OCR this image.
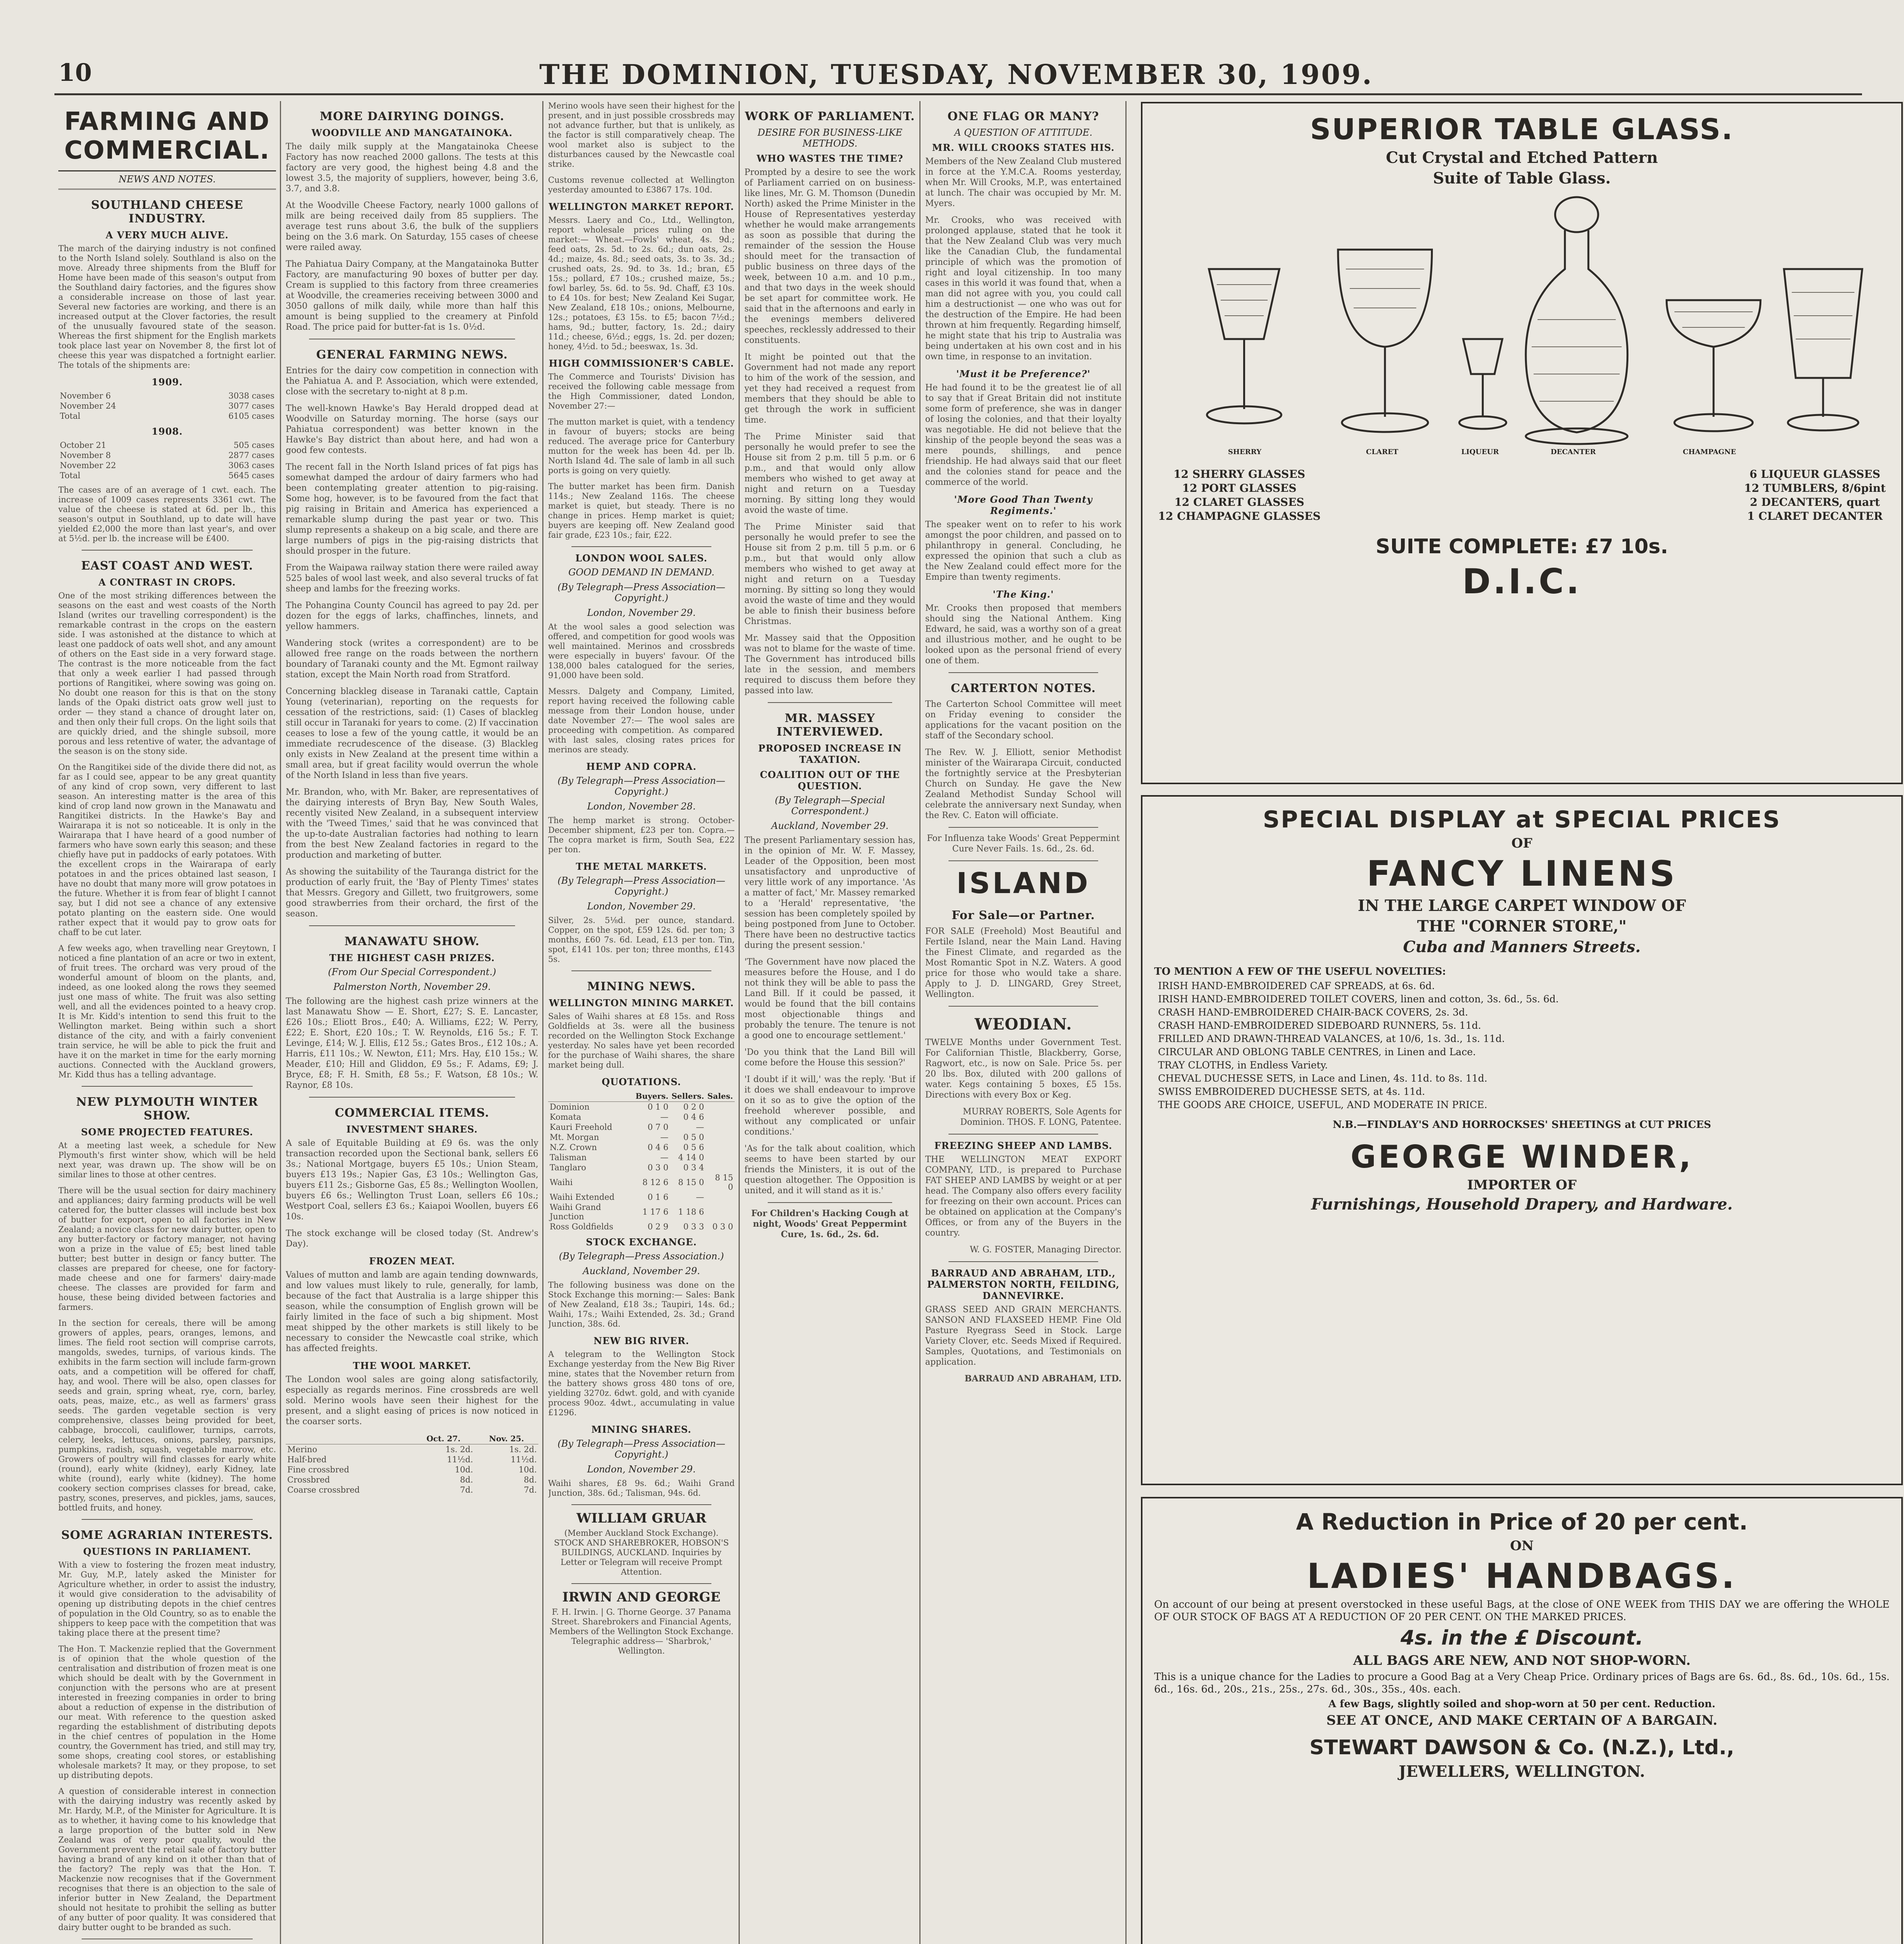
10	THE DOMINION, TUESDAY, NOVEMBER 30, 1909.
FARMING AND COMMERCIAL.
NEWS AND NOTES.
SOUTHLAND CHEESE INDUSTRY.
A VERY MUCH ALIVE.

The march of the dairying industry is not confined to the North Island solely. Southland is also on the move. Already three shipments from the Bluff for Home have been made of this season's output from the Southland dairy factories, and the figures show a considerable increase on those of last year. Several new factories are working, and there is an increased output at the Clover factories, the result of the unusually favoured state of the season. Whereas the first shipment for the English markets took place last year on November 8, the first lot of cheese this year was dispatched a fortnight earlier. The totals of the shipments are:

1909.
November 6	3038 cases
November 24	3077 cases
Total	6105 cases
1908.
October 21	505 cases
November 8	2877 cases
November 22	3063 cases
Total	5645 cases

The cases are of an average of 1 cwt. each. The increase of 1009 cases represents 3361 cwt. The value of the cheese is stated at 6d. per lb., this season's output in Southland, up to date will have yielded £2,000 the more than last year's, and over at 5½d. per lb. the increase will be £400.

EAST COAST AND WEST.
A CONTRAST IN CROPS.

One of the most striking differences between the seasons on the east and west coasts of the North Island (writes our travelling correspondent) is the remarkable contrast in the crops on the eastern side. I was astonished at the distance to which at least one paddock of oats well shot, and any amount of others on the East side in a very forward stage. The contrast is the more noticeable from the fact that only a week earlier I had passed through portions of Rangitikei, where sowing was going on. No doubt one reason for this is that on the stony lands of the Opaki district oats grow well just to order — they stand a chance of drought later on, and then only their full crops. On the light soils that are quickly dried, and the shingle subsoil, more porous and less retentive of water, the advantage of the season is on the stony side.

On the Rangitikei side of the divide there did not, as far as I could see, appear to be any great quantity of any kind of crop sown, very different to last season. An interesting matter is the area of this kind of crop land now grown in the Manawatu and Rangitikei districts. In the Hawke's Bay and Wairarapa it is not so noticeable. It is only in the Wairarapa that I have heard of a good number of farmers who have sown early this season; and these chiefly have put in paddocks of early potatoes. With the excellent crops in the Wairarapa of early potatoes in and the prices obtained last season, I have no doubt that many more will grow potatoes in the future. Whether it is from fear of blight I cannot say, but I did not see a chance of any extensive potato planting on the eastern side. One would rather expect that it would pay to grow oats for chaff to be cut later.

A few weeks ago, when travelling near Greytown, I noticed a fine plantation of an acre or two in extent, of fruit trees. The orchard was very proud of the wonderful amount of bloom on the plants, and, indeed, as one looked along the rows they seemed just one mass of white. The fruit was also setting well, and all the evidences pointed to a heavy crop. It is Mr. Kidd's intention to send this fruit to the Wellington market. Being within such a short distance of the city, and with a fairly convenient train service, he will be able to pick the fruit and have it on the market in time for the early morning auctions. Connected with the Auckland growers, Mr. Kidd thus has a telling advantage.

NEW PLYMOUTH WINTER SHOW.
SOME PROJECTED FEATURES.

At a meeting last week, a schedule for New Plymouth's first winter show, which will be held next year, was drawn up. The show will be on similar lines to those at other centres.

There will be the usual section for dairy machinery and appliances; dairy farming products will be well catered for, the butter classes will include best box of butter for export, open to all factories in New Zealand; a novice class for new dairy butter, open to any butter-factory or factory manager, not having won a prize in the value of £5; best lined table butter; best butter in design or fancy butter. The classes are prepared for cheese, one for factory-made cheese and one for farmers' dairy-made cheese. The classes are provided for farm and house, these being divided between factories and farmers.

In the section for cereals, there will be among growers of apples, pears, oranges, lemons, and limes. The field root section will comprise carrots, mangolds, swedes, turnips, of various kinds. The exhibits in the farm section will include farm-grown oats, and a competition will be offered for chaff, hay, and wool. There will be also, open classes for seeds and grain, spring wheat, rye, corn, barley, oats, peas, maize, etc., as well as farmers' grass seeds. The garden vegetable section is very comprehensive, classes being provided for beet, cabbage, broccoli, cauliflower, turnips, carrots, celery, leeks, lettuces, onions, parsley, parsnips, pumpkins, radish, squash, vegetable marrow, etc. Growers of poultry will find classes for early white (round), early white (kidney), early Kidney, late white (round), early white (kidney). The home cookery section comprises classes for bread, cake, pastry, scones, preserves, and pickles, jams, sauces, bottled fruits, and honey.

SOME AGRARIAN INTERESTS.
QUESTIONS IN PARLIAMENT.

With a view to fostering the frozen meat industry, Mr. Guy, M.P., lately asked the Minister for Agriculture whether, in order to assist the industry, it would give consideration to the advisability of opening up distributing depots in the chief centres of population in the Old Country, so as to enable the shippers to keep pace with the competition that was taking place there at the present time?

The Hon. T. Mackenzie replied that the Government is of opinion that the whole question of the centralisation and distribution of frozen meat is one which should be dealt with by the Government in conjunction with the persons who are at present interested in freezing companies in order to bring about a reduction of expense in the distribution of our meat. With reference to the question asked regarding the establishment of distributing depots in the chief centres of population in the Home country, the Government has tried, and still may try, some shops, creating cool stores, or establishing wholesale markets? It may, or they propose, to set up distributing depots.

A question of considerable interest in connection with the dairying industry was recently asked by Mr. Hardy, M.P., of the Minister for Agriculture. It is as to whether, it having come to his knowledge that a large proportion of the butter sold in New Zealand was of very poor quality, would the Government prevent the retail sale of factory butter having a brand of any kind on it other than that of the factory? The reply was that the Hon. T. Mackenzie now recognises that if the Government recognises that there is an objection to the sale of inferior butter in New Zealand, the Department should not hesitate to prohibit the selling as butter of any butter of poor quality. It was considered that dairy butter ought to be branded as such.

MORE DAIRYING DOINGS.
WOODVILLE AND MANGATAINOKA.

The daily milk supply at the Mangatainoka Cheese Factory has now reached 2000 gallons. The tests at this factory are very good, the highest being 4.8 and the lowest 3.5, the majority of suppliers, however, being 3.6, 3.7, and 3.8.

At the Woodville Cheese Factory, nearly 1000 gallons of milk are being received daily from 85 suppliers. The average test runs about 3.6, the bulk of the suppliers being on the 3.6 mark. On Saturday, 155 cases of cheese were railed away.

The Pahiatua Dairy Company, at the Mangatainoka Butter Factory, are manufacturing 90 boxes of butter per day. Cream is supplied to this factory from three creameries at Woodville, the creameries receiving between 3000 and 3050 gallons of milk daily, while more than half this amount is being supplied to the creamery at Pinfold Road. The price paid for butter-fat is 1s. 0½d.

GENERAL FARMING NEWS.

Entries for the dairy cow competition in connection with the Pahiatua A. and P. Association, which were extended, close with the secretary to-night at 8 p.m.

The well-known Hawke's Bay Herald dropped dead at Woodville on Saturday morning. The horse (says our Pahiatua correspondent) was better known in the Hawke's Bay district than about here, and had won a good few contests.

The recent fall in the North Island prices of fat pigs has somewhat damped the ardour of dairy farmers who had been contemplating greater attention to pig-raising. Some hog, however, is to be favoured from the fact that pig raising in Britain and America has experienced a remarkable slump during the past year or two. This slump represents a shakeup on a big scale, and there are large numbers of pigs in the pig-raising districts that should prosper in the future.

From the Waipawa railway station there were railed away 525 bales of wool last week, and also several trucks of fat sheep and lambs for the freezing works.

The Pohangina County Council has agreed to pay 2d. per dozen for the eggs of larks, chaffinches, linnets, and yellow hammers.

Wandering stock (writes a correspondent) are to be allowed free range on the roads between the northern boundary of Taranaki county and the Mt. Egmont railway station, except the Main North road from Stratford.

Concerning blackleg disease in Taranaki cattle, Captain Young (veterinarian), reporting on the requests for cessation of the restrictions, said: (1) Cases of blackleg still occur in Taranaki for years to come. (2) If vaccination ceases to lose a few of the young cattle, it would be an immediate recrudescence of the disease. (3) Blackleg only exists in New Zealand at the present time within a small area, but if great facility would overrun the whole of the North Island in less than five years.

Mr. Brandon, who, with Mr. Baker, are representatives of the dairying interests of Bryn Bay, New South Wales, recently visited New Zealand, in a subsequent interview with the 'Tweed Times,' said that he was convinced that the up-to-date Australian factories had nothing to learn from the best New Zealand factories in regard to the production and marketing of butter.

As showing the suitability of the Tauranga district for the production of early fruit, the 'Bay of Plenty Times' states that Messrs. Gregory and Gillett, two fruitgrowers, some good strawberries from their orchard, the first of the season.

MANAWATU SHOW.
THE HIGHEST CASH PRIZES.
(From Our Special Correspondent.)
Palmerston North, November 29.

The following are the highest cash prize winners at the last Manawatu Show — E. Short, £27; S. E. Lancaster, £26 10s.; Eliott Bros., £40; A. Williams, £22; W. Perry, £22; E. Short, £20 10s.; T. W. Reynolds, £16 5s.; F. T. Levinge, £14; W. J. Ellis, £12 5s.; Gates Bros., £12 10s.; A. Harris, £11 10s.; W. Newton, £11; Mrs. Hay, £10 15s.; W. Meader, £10; Hill and Gliddon, £9 5s.; F. Adams, £9; J. Bryce, £8; F. H. Smith, £8 5s.; F. Watson, £8 10s.; W. Raynor, £8 10s.

COMMERCIAL ITEMS.
INVESTMENT SHARES.

A sale of Equitable Building at £9 6s. was the only transaction recorded upon the Sectional bank, sellers £6 3s.; National Mortgage, buyers £5 10s.; Union Steam, buyers £13 19s.; Napier Gas, £3 10s.; Wellington Gas, buyers £11 2s.; Gisborne Gas, £5 8s.; Wellington Woollen, buyers £6 6s.; Wellington Trust Loan, sellers £6 10s.; Westport Coal, sellers £3 6s.; Kaiapoi Woollen, buyers £6 10s.

The stock exchange will be closed today (St. Andrew's Day).

FROZEN MEAT.

Values of mutton and lamb are again tending downwards, and low values must likely to rule, generally, for lamb, because of the fact that Australia is a large shipper this season, while the consumption of English grown will be fairly limited in the face of such a big shipment. Most meat shipped by the other markets is still likely to be necessary to consider the Newcastle coal strike, which has affected freights.

THE WOOL MARKET.

The London wool sales are going along satisfactorily, especially as regards merinos. Fine crossbreds are well sold. Merino wools have seen their highest for the present, and a slight easing of prices is now noticed in the coarser sorts.

	Oct. 27.	Nov. 25.
Merino	1s. 2d.	1s. 2d.
Half-bred	11½d.	11½d.
Fine crossbred	10d.	10d.
Crossbred	8d.	8d.
Coarse crossbred	7d.	7d.

Merino wools have seen their highest for the present, and in just possible crossbreds may not advance further, but that is unlikely, as the factor is still comparatively cheap. The wool market also is subject to the disturbances caused by the Newcastle coal strike.

Customs revenue collected at Wellington yesterday amounted to £3867 17s. 10d.

WELLINGTON MARKET REPORT.

Messrs. Laery and Co., Ltd., Wellington, report wholesale prices ruling on the market:— Wheat.—Fowls' wheat, 4s. 9d.; feed oats, 2s. 5d. to 2s. 6d.; dun oats, 2s. 4d.; maize, 4s. 8d.; seed oats, 3s. to 3s. 3d.; crushed oats, 2s. 9d. to 3s. 1d.; bran, £5 15s.; pollard, £7 10s.; crushed maize, 5s.; fowl barley, 5s. 6d. to 5s. 9d. Chaff, £3 10s. to £4 10s. for best; New Zealand Kei Sugar, New Zealand, £18 10s.; onions, Melbourne, 12s.; potatoes, £3 15s. to £5; bacon 7½d.; hams, 9d.; butter, factory, 1s. 2d.; dairy 11d.; cheese, 6½d.; eggs, 1s. 2d. per dozen; honey, 4½d. to 5d.; beeswax, 1s. 3d.

HIGH COMMISSIONER'S CABLE.

The Commerce and Tourists' Division has received the following cable message from the High Commissioner, dated London, November 27:—

The mutton market is quiet, with a tendency in favour of buyers; stocks are being reduced. The average price for Canterbury mutton for the week has been 4d. per lb. North Island 4d. The sale of lamb in all such ports is going on very quietly.

The butter market has been firm. Danish 114s.; New Zealand 116s. The cheese market is quiet, but steady. There is no change in prices. Hemp market is quiet; buyers are keeping off. New Zealand good fair grade, £23 10s.; fair, £22.

LONDON WOOL SALES.
GOOD DEMAND IN DEMAND.
(By Telegraph—Press Association—Copyright.)
London, November 29.

At the wool sales a good selection was offered, and competition for good wools was well maintained. Merinos and crossbreds were especially in buyers' favour. Of the 138,000 bales catalogued for the series, 91,000 have been sold.

Messrs. Dalgety and Company, Limited, report having received the following cable message from their London house, under date November 27:— The wool sales are proceeding with competition. As compared with last sales, closing rates prices for merinos are steady.

HEMP AND COPRA.
(By Telegraph—Press Association—Copyright.)
London, November 28.

The hemp market is strong. October-December shipment, £23 per ton. Copra.—The copra market is firm, South Sea, £22 per ton.

THE METAL MARKETS.
(By Telegraph—Press Association—Copyright.)
London, November 29.

Silver, 2s. 5⅛d. per ounce, standard. Copper, on the spot, £59 12s. 6d. per ton; 3 months, £60 7s. 6d. Lead, £13 per ton. Tin, spot, £141 10s. per ton; three months, £143 5s.

MINING NEWS.
WELLINGTON MINING MARKET.

Sales of Waihi shares at £8 15s. and Ross Goldfields at 3s. were all the business recorded on the Wellington Stock Exchange yesterday. No sales have yet been recorded for the purchase of Waihi shares, the share market being dull.

QUOTATIONS.
	Buyers.	Sellers.	Sales.
Dominion	0 1 0	0 2 0	
Komata	—	0 4 6	
Kauri Freehold	0 7 0	—	
Mt. Morgan	—	0 5 0	
N.Z. Crown	0 4 6	0 5 6	
Talisman	—	4 14 0	
Tanglaro	0 3 0	0 3 4	
Waihi	8 12 6	8 15 0	8 15 0
Waihi Extended	0 1 6	—	
Waihi Grand Junction	1 17 6	1 18 6	
Ross Goldfields	0 2 9	0 3 3	0 3 0
STOCK EXCHANGE.
(By Telegraph—Press Association.)
Auckland, November 29.

The following business was done on the Stock Exchange this morning:— Sales: Bank of New Zealand, £18 3s.; Taupiri, 14s. 6d.; Waihi, 17s.; Waihi Extended, 2s. 3d.; Grand Junction, 38s. 6d.

NEW BIG RIVER.

A telegram to the Wellington Stock Exchange yesterday from the New Big River mine, states that the November return from the battery shows gross 480 tons of ore, yielding 3270z. 6dwt. gold, and with cyanide process 90oz. 4dwt., accumulating in value £1296.

MINING SHARES.
(By Telegraph—Press Association—Copyright.)
London, November 29.

Waihi shares, £8 9s. 6d.; Waihi Grand Junction, 38s. 6d.; Talisman, 94s. 6d.

WILLIAM GRUAR

(Member Auckland Stock Exchange). STOCK AND SHAREBROKER, HOBSON'S BUILDINGS, AUCKLAND. Inquiries by Letter or Telegram will receive Prompt Attention.

IRWIN AND GEORGE

F. H. Irwin. | G. Thorne George. 37 Panama Street. Sharebrokers and Financial Agents, Members of the Wellington Stock Exchange. Telegraphic address— 'Sharbrok,' Wellington.

WORK OF PARLIAMENT.
DESIRE FOR BUSINESS-LIKE METHODS.
WHO WASTES THE TIME?

Prompted by a desire to see the work of Parliament carried on on business-like lines, Mr. G. M. Thomson (Dunedin North) asked the Prime Minister in the House of Representatives yesterday whether he would make arrangements as soon as possible that during the remainder of the session the House should meet for the transaction of public business on three days of the week, between 10 a.m. and 10 p.m., and that two days in the week should be set apart for committee work. He said that in the afternoons and early in the evenings members delivered speeches, recklessly addressed to their constituents.

It might be pointed out that the Government had not made any report to him of the work of the session, and yet they had received a request from members that they should be able to get through the work in sufficient time.

The Prime Minister said that personally he would prefer to see the House sit from 2 p.m. till 5 p.m. or 6 p.m., and that would only allow members who wished to get away at night and return on a Tuesday morning. By sitting long they would avoid the waste of time.

The Prime Minister said that personally he would prefer to see the House sit from 2 p.m. till 5 p.m. or 6 p.m., but that would only allow members who wished to get away at night and return on a Tuesday morning. By sitting so long they would avoid the waste of time and they would be able to finish their business before Christmas.

Mr. Massey said that the Opposition was not to blame for the waste of time. The Government has introduced bills late in the session, and members required to discuss them before they passed into law.

MR. MASSEY INTERVIEWED.
PROPOSED INCREASE IN TAXATION.
COALITION OUT OF THE QUESTION.
(By Telegraph—Special Correspondent.)
Auckland, November 29.

The present Parliamentary session has, in the opinion of Mr. W. F. Massey, Leader of the Opposition, been most unsatisfactory and unproductive of very little work of any importance. 'As a matter of fact,' Mr. Massey remarked to a 'Herald' representative, 'the session has been completely spoiled by being postponed from June to October. There have been no destructive tactics during the present session.'

'The Government have now placed the measures before the House, and I do not think they will be able to pass the Land Bill. If it could be passed, it would be found that the bill contains most objectionable things and probably the tenure. The tenure is not a good one to encourage settlement.'

'Do you think that the Land Bill will come before the House this session?'

'I doubt if it will,' was the reply. 'But if it does we shall endeavour to improve on it so as to give the option of the freehold wherever possible, and without any complicated or unfair conditions.'

'As for the talk about coalition, which seems to have been started by our friends the Ministers, it is out of the question altogether. The Opposition is united, and it will stand as it is.'

For Children's Hacking Cough at night, Woods' Great Peppermint Cure, 1s. 6d., 2s. 6d.

ONE FLAG OR MANY?
A QUESTION OF ATTITUDE.
MR. WILL CROOKS STATES HIS.

Members of the New Zealand Club mustered in force at the Y.M.C.A. Rooms yesterday, when Mr. Will Crooks, M.P., was entertained at lunch. The chair was occupied by Mr. M. Myers.

Mr. Crooks, who was received with prolonged applause, stated that he took it that the New Zealand Club was very much like the Canadian Club, the fundamental principle of which was the promotion of right and loyal citizenship. In too many cases in this world it was found that, when a man did not agree with you, you could call him a destructionist — one who was out for the destruction of the Empire. He had been thrown at him frequently. Regarding himself, he might state that his trip to Australia was being undertaken at his own cost and in his own time, in response to an invitation.

'Must it be Preference?'

He had found it to be the greatest lie of all to say that if Great Britain did not institute some form of preference, she was in danger of losing the colonies, and that their loyalty was negotiable. He did not believe that the kinship of the people beyond the seas was a mere pounds, shillings, and pence friendship. He had always said that our fleet and the colonies stand for peace and the commerce of the world.

'More Good Than Twenty Regiments.'

The speaker went on to refer to his work amongst the poor children, and passed on to philanthropy in general. Concluding, he expressed the opinion that such a club as the New Zealand could effect more for the Empire than twenty regiments.

'The King.'

Mr. Crooks then proposed that members should sing the National Anthem. King Edward, he said, was a worthy son of a great and illustrious mother, and he ought to be looked upon as the personal friend of every one of them.

CARTERTON NOTES.

The Carterton School Committee will meet on Friday evening to consider the applications for the vacant position on the staff of the Secondary school.

The Rev. W. J. Elliott, senior Methodist minister of the Wairarapa Circuit, conducted the fortnightly service at the Presbyterian Church on Sunday. He gave the New Zealand Methodist Sunday School will celebrate the anniversary next Sunday, when the Rev. C. Eaton will officiate.

For Influenza take Woods' Great Peppermint Cure Never Fails. 1s. 6d., 2s. 6d.

ISLAND
For Sale—or Partner.

FOR SALE (Freehold) Most Beautiful and Fertile Island, near the Main Land. Having the Finest Climate, and regarded as the Most Romantic Spot in N.Z. Waters. A good price for those who would take a share. Apply to J. D. LINGARD, Grey Street, Wellington.

WEODIAN.

TWELVE Months under Government Test. For Californian Thistle, Blackberry, Gorse, Ragwort, etc., is now on Sale. Price 5s. per 20 lbs. Box, diluted with 200 gallons of water. Kegs containing 5 boxes, £5 15s. Directions with every Box or Keg.

MURRAY ROBERTS, Sole Agents for Dominion. THOS. F. LONG, Patentee.

FREEZING SHEEP AND LAMBS.

THE WELLINGTON MEAT EXPORT COMPANY, LTD., is prepared to Purchase FAT SHEEP AND LAMBS by weight or at per head. The Company also offers every facility for freezing on their own account. Prices can be obtained on application at the Company's Offices, or from any of the Buyers in the country.

W. G. FOSTER, Managing Director.

BARRAUD AND ABRAHAM, LTD., PALMERSTON NORTH, FEILDING, DANNEVIRKE.

GRASS SEED AND GRAIN MERCHANTS. SANSON AND FLAXSEED HEMP. Fine Old Pasture Ryegrass Seed in Stock. Large Variety Clover, etc. Seeds Mixed if Required. Samples, Quotations, and Testimonials on application.

BARRAUD AND ABRAHAM, LTD.

SUPERIOR TABLE GLASS.
Cut Crystal and Etched Pattern
Suite of Table Glass.
SHERRY	CLARET	LIQUEUR	DECANTER	CHAMPAGNE
12 SHERRY GLASSES
12 PORT GLASSES
12 CLARET GLASSES
12 CHAMPAGNE GLASSES
6 LIQUEUR GLASSES
12 TUMBLERS, 8/6pint
2 DECANTERS, quart
1 CLARET DECANTER
SUITE COMPLETE: £7 10s.
D.I.C.
SPECIAL DISPLAY at SPECIAL PRICES
OF
FANCY LINENS
IN THE LARGE CARPET WINDOW OF
THE "CORNER STORE,"
Cuba and Manners Streets.
TO MENTION A FEW OF THE USEFUL NOVELTIES:
IRISH HAND-EMBROIDERED CAF SPREADS, at 6s. 6d.
IRISH HAND-EMBROIDERED TOILET COVERS, linen and cotton, 3s. 6d., 5s. 6d.
CRASH HAND-EMBROIDERED CHAIR-BACK COVERS, 2s. 3d.
CRASH HAND-EMBROIDERED SIDEBOARD RUNNERS, 5s. 11d.
FRILLED AND DRAWN-THREAD VALANCES, at 10/6, 1s. 3d., 1s. 11d.
CIRCULAR AND OBLONG TABLE CENTRES, in Linen and Lace.
TRAY CLOTHS, in Endless Variety.
CHEVAL DUCHESSE SETS, in Lace and Linen, 4s. 11d. to 8s. 11d.
SWISS EMBROIDERED DUCHESSE SETS, at 4s. 11d.
THE GOODS ARE CHOICE, USEFUL, AND MODERATE IN PRICE.
N.B.—FINDLAY'S AND HORROCKSES' SHEETINGS at CUT PRICES
GEORGE WINDER,
IMPORTER OF
Furnishings, Household Drapery, and Hardware.
A Reduction in Price of 20 per cent.
ON
LADIES' HANDBAGS.
On account of our being at present overstocked in these useful Bags, at the close of ONE WEEK from THIS DAY we are offering the WHOLE OF OUR STOCK OF BAGS AT A REDUCTION OF 20 PER CENT. ON THE MARKED PRICES.
4s. in the £ Discount.
ALL BAGS ARE NEW, AND NOT SHOP-WORN.
This is a unique chance for the Ladies to procure a Good Bag at a Very Cheap Price. Ordinary prices of Bags are 6s. 6d., 8s. 6d., 10s. 6d., 15s. 6d., 16s. 6d., 20s., 21s., 25s., 27s. 6d., 30s., 35s., 40s. each.
A few Bags, slightly soiled and shop-worn at 50 per cent. Reduction.
SEE AT ONCE, AND MAKE CERTAIN OF A BARGAIN.
STEWART DAWSON & Co. (N.Z.), Ltd.,
JEWELLERS, WELLINGTON.
